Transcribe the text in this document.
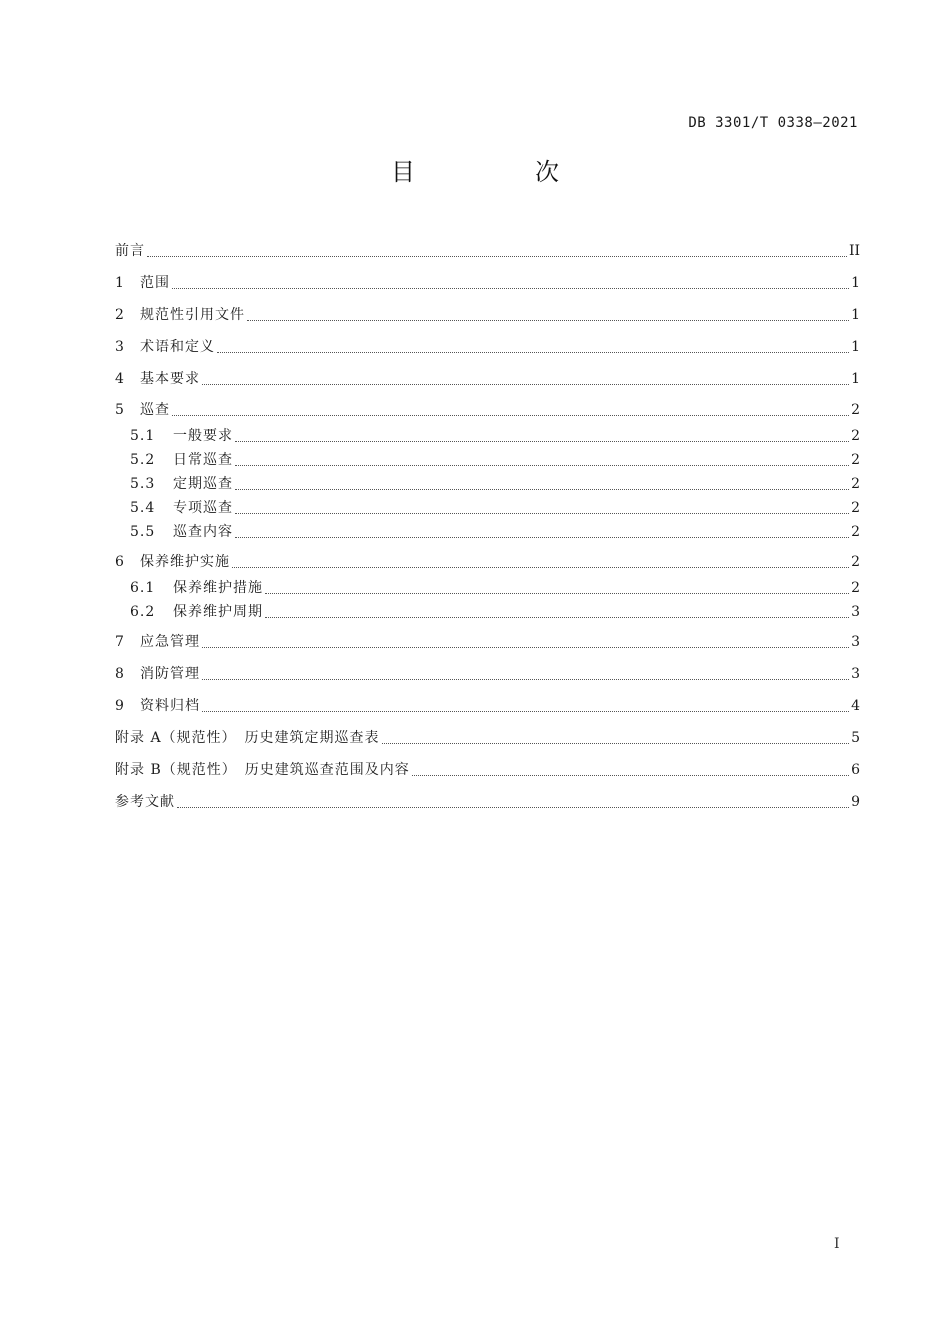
DB 3301/T 0338—2021
目　次
前言	II
1	范围	1
2	规范性引用文件	1
3	术语和定义	1
4	基本要求	1
5	巡查	2
5.1	一般要求	2
5.2	日常巡查	2
5.3	定期巡查	2
5.4	专项巡查	2
5.5	巡查内容	2
6	保养维护实施	2
6.1	保养维护措施	2
6.2	保养维护周期	3
7	应急管理	3
8	消防管理	3
9	资料归档	4
附录 A（规范性）　历史建筑定期巡查表	5
附录 B（规范性）　历史建筑巡查范围及内容	6
参考文献	9
I
